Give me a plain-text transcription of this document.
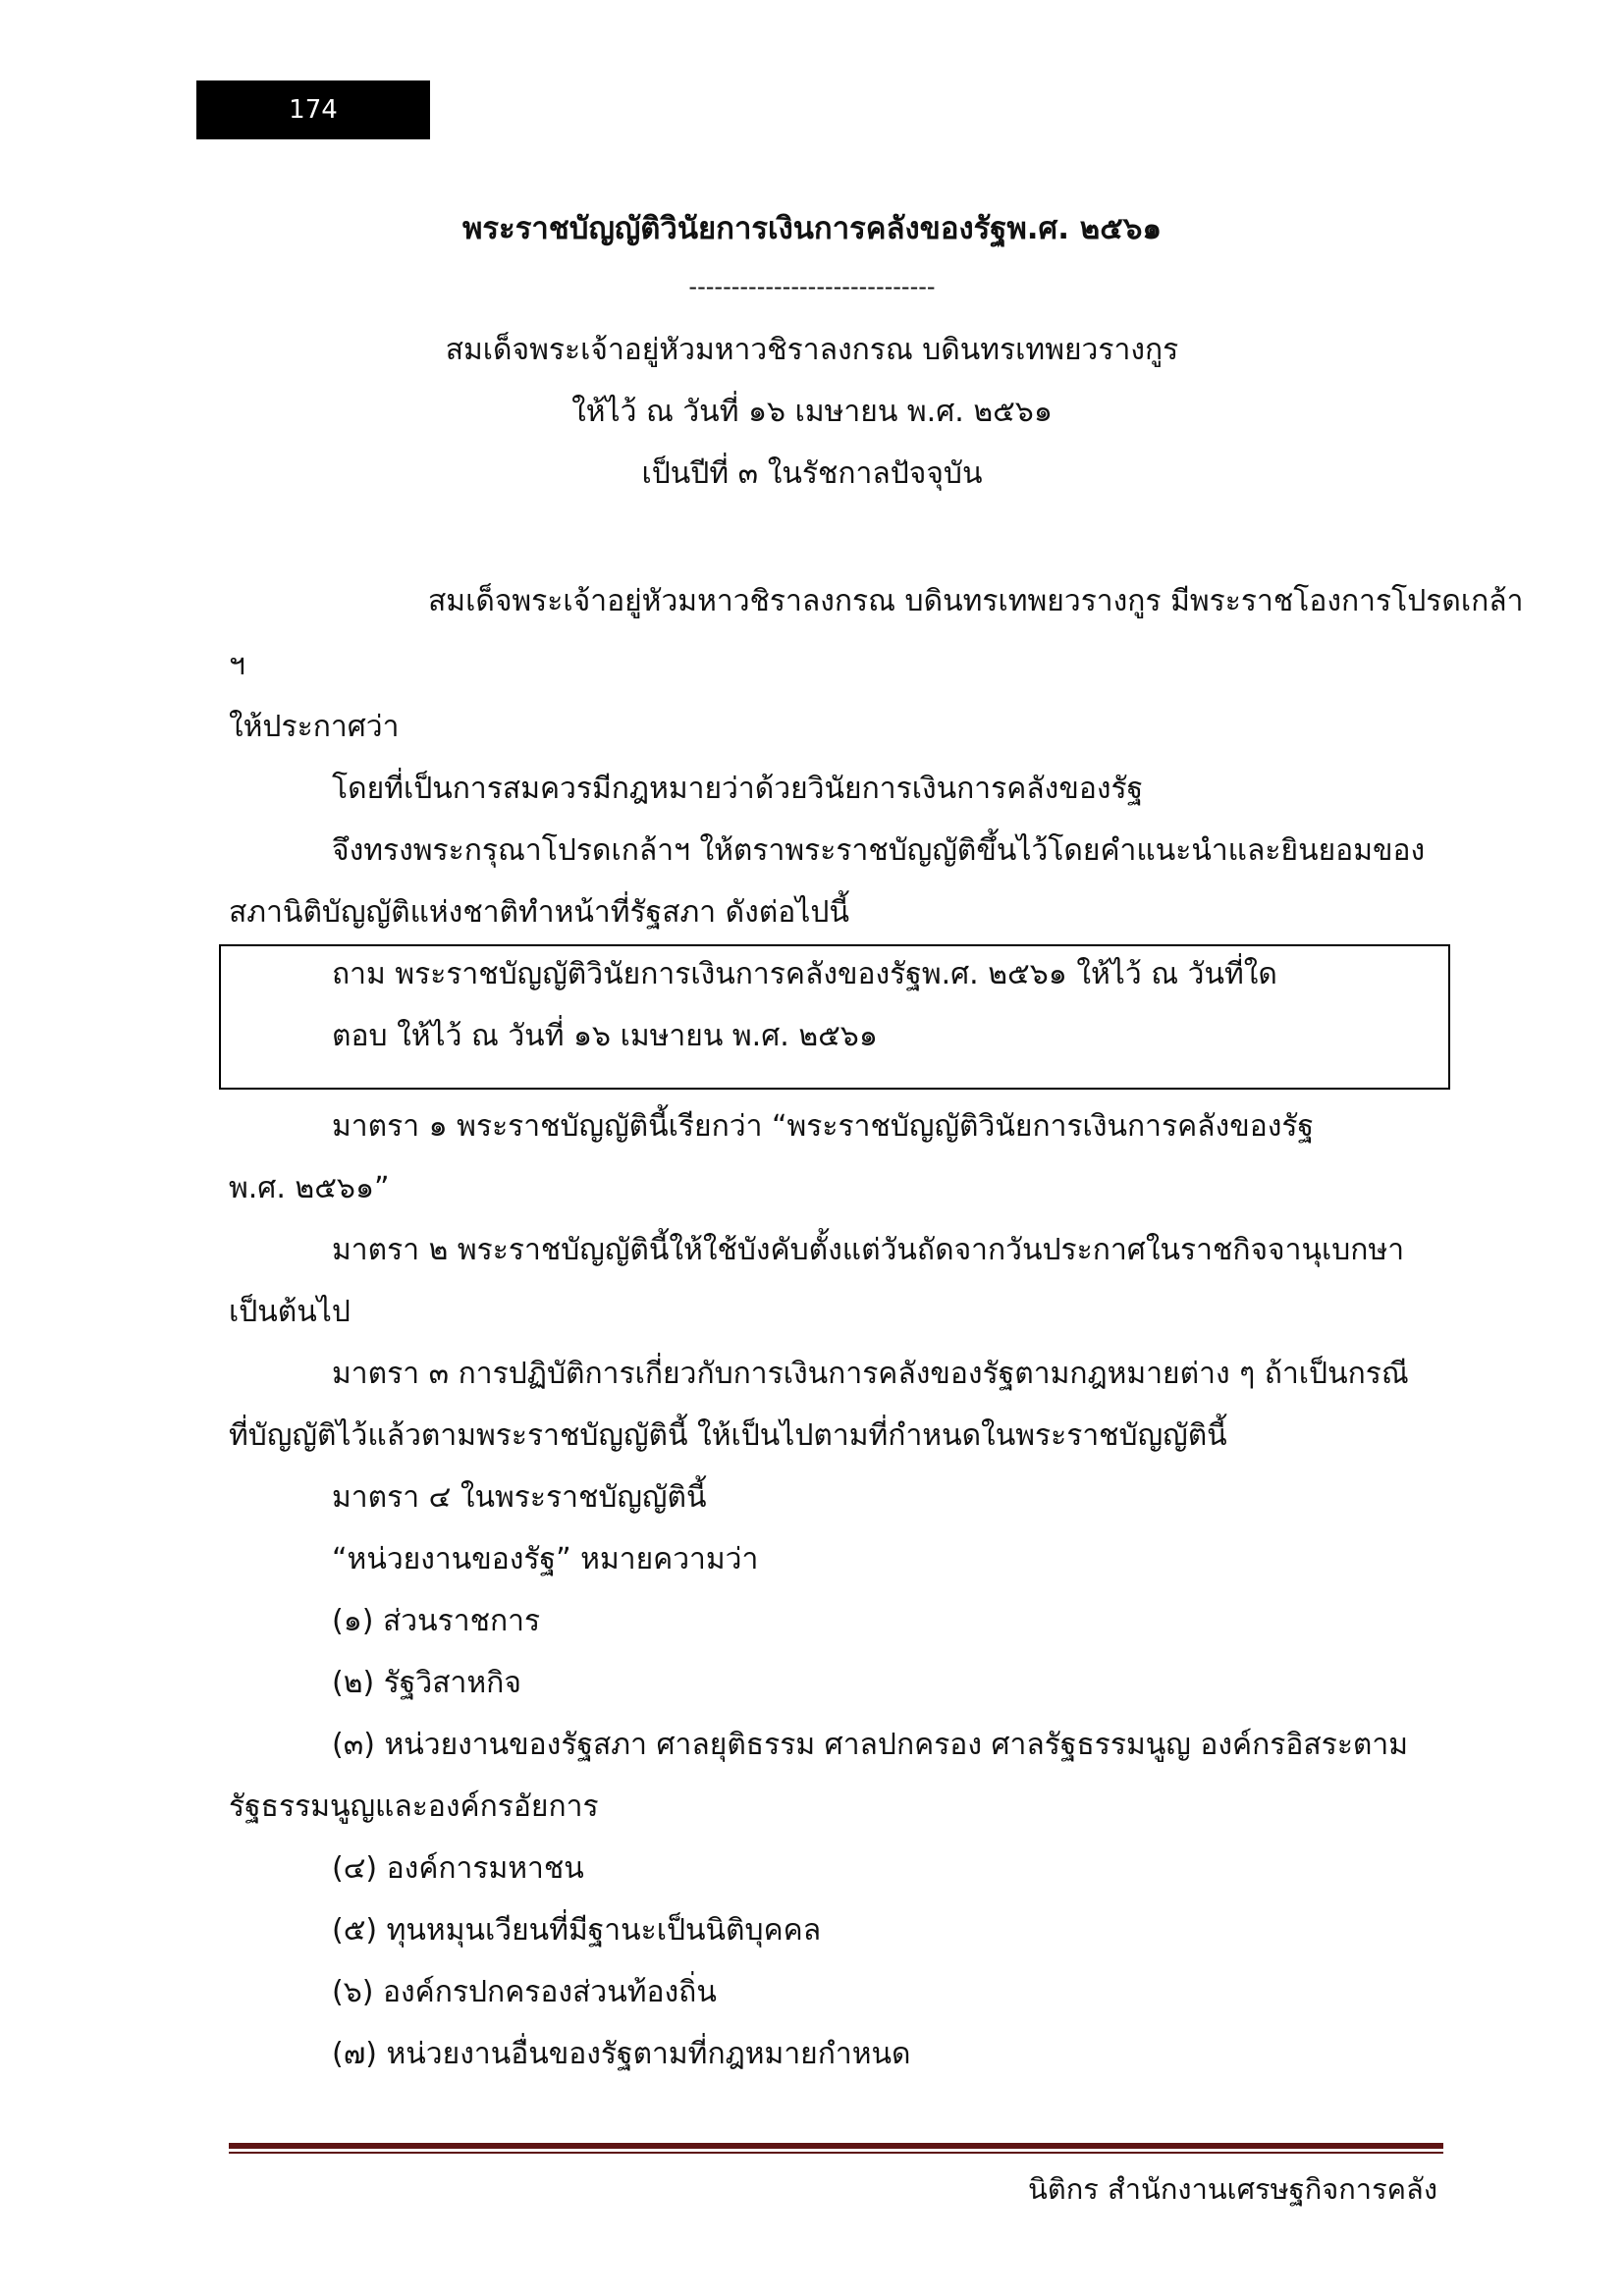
174
พระราชบัญญัติวินัยการเงินการคลังของรัฐพ.ศ. ๒๕๖๑
-----------------------------
สมเด็จพระเจ้าอยู่หัวมหาวชิราลงกรณ บดินทรเทพยวรางกูร
ให้ไว้ ณ วันที่ ๑๖ เมษายน พ.ศ. ๒๕๖๑
เป็นปีที่ ๓ ในรัชกาลปัจจุบัน
สมเด็จพระเจ้าอยู่หัวมหาวชิราลงกรณ บดินทรเทพยวรางกูร มีพระราชโองการโปรดเกล้า
ฯ
ให้ประกาศว่า
โดยที่เป็นการสมควรมีกฎหมายว่าด้วยวินัยการเงินการคลังของรัฐ
จึงทรงพระกรุณาโปรดเกล้าฯ ให้ตราพระราชบัญญัติขึ้นไว้โดยคำแนะนำและยินยอมของ
สภานิติบัญญัติแห่งชาติทำหน้าที่รัฐสภา ดังต่อไปนี้
ถาม พระราชบัญญัติวินัยการเงินการคลังของรัฐพ.ศ. ๒๕๖๑ ให้ไว้ ณ วันที่ใด
ตอบ ให้ไว้ ณ วันที่ ๑๖ เมษายน พ.ศ. ๒๕๖๑
มาตรา ๑ พระราชบัญญัตินี้เรียกว่า “พระราชบัญญัติวินัยการเงินการคลังของรัฐ
พ.ศ. ๒๕๖๑”
มาตรา ๒ พระราชบัญญัตินี้ให้ใช้บังคับตั้งแต่วันถัดจากวันประกาศในราชกิจจานุเบกษา
เป็นต้นไป
มาตรา ๓ การปฏิบัติการเกี่ยวกับการเงินการคลังของรัฐตามกฎหมายต่าง ๆ ถ้าเป็นกรณี
ที่บัญญัติไว้แล้วตามพระราชบัญญัตินี้ ให้เป็นไปตามที่กำหนดในพระราชบัญญัตินี้
มาตรา ๔ ในพระราชบัญญัตินี้
“หน่วยงานของรัฐ” หมายความว่า
(๑) ส่วนราชการ
(๒) รัฐวิสาหกิจ
(๓) หน่วยงานของรัฐสภา ศาลยุติธรรม ศาลปกครอง ศาลรัฐธรรมนูญ องค์กรอิสระตาม
รัฐธรรมนูญและองค์กรอัยการ
(๔) องค์การมหาชน
(๕) ทุนหมุนเวียนที่มีฐานะเป็นนิติบุคคล
(๖) องค์กรปกครองส่วนท้องถิ่น
(๗) หน่วยงานอื่นของรัฐตามที่กฎหมายกำหนด
นิติกร สำนักงานเศรษฐกิจการคลัง
